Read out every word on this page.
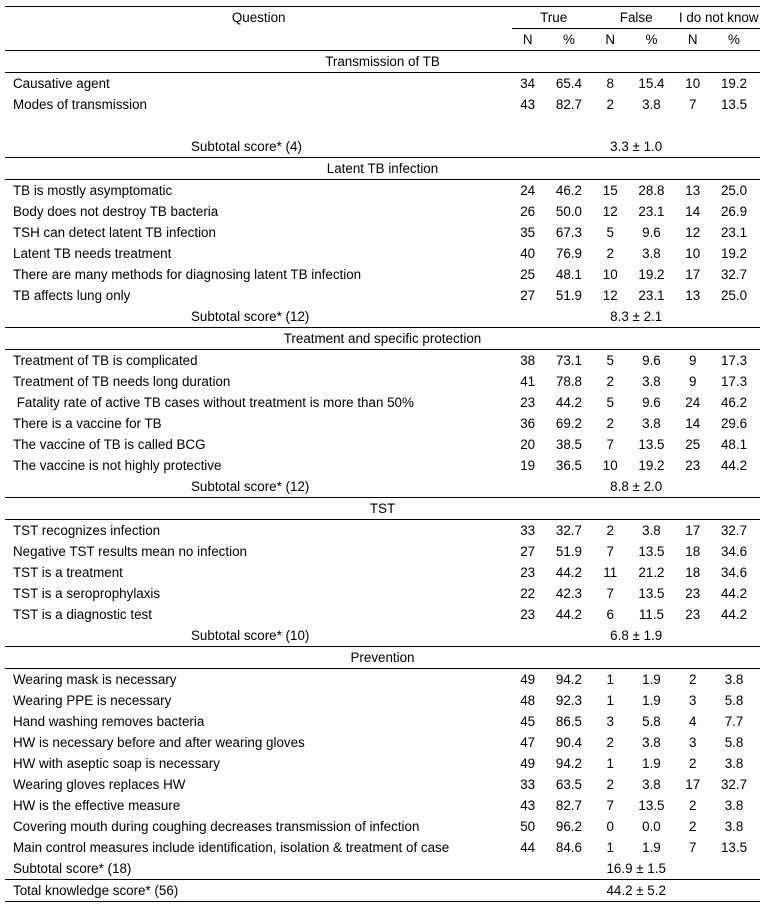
Question	True		False		I do not know	
	N	%	N	%	N	%
Transmission of TB						
Causative agent	34	65.4	8	15.4	10	19.2
Modes of transmission	43	82.7	2	3.8	7	13.5

Subtotal score* (4)	3.3 ± 1.0					
Latent TB infection						
TB is mostly asymptomatic	24	46.2	15	28.8	13	25.0
Body does not destroy TB bacteria	26	50.0	12	23.1	14	26.9
TSH can detect latent TB infection	35	67.3	5	9.6	12	23.1
Latent TB needs treatment	40	76.9	2	3.8	10	19.2
There are many methods for diagnosing latent TB infection	25	48.1	10	19.2	17	32.7
TB affects lung only	27	51.9	12	23.1	13	25.0
Subtotal score* (12)	8.3 ± 2.1					
Treatment and specific protection						
Treatment of TB is complicated	38	73.1	5	9.6	9	17.3
Treatment of TB needs long duration	41	78.8	2	3.8	9	17.3
Fatality rate of active TB cases without treatment is more than 50%	23	44.2	5	9.6	24	46.2
There is a vaccine for TB	36	69.2	2	3.8	14	29.6
The vaccine of TB is called BCG	20	38.5	7	13.5	25	48.1
The vaccine is not highly protective	19	36.5	10	19.2	23	44.2
Subtotal score* (12)	8.8 ± 2.0					
TST						
TST recognizes infection	33	32.7	2	3.8	17	32.7
Negative TST results mean no infection	27	51.9	7	13.5	18	34.6
TST is a treatment	23	44.2	11	21.2	18	34.6
TST is a seroprophylaxis	22	42.3	7	13.5	23	44.2
TST is a diagnostic test	23	44.2	6	11.5	23	44.2
Subtotal score* (10)	6.8 ± 1.9					
Prevention						
Wearing mask is necessary	49	94.2	1	1.9	2	3.8
Wearing PPE is necessary	48	92.3	1	1.9	3	5.8
Hand washing removes bacteria	45	86.5	3	5.8	4	7.7
HW is necessary before and after wearing gloves	47	90.4	2	3.8	3	5.8
HW with aseptic soap is necessary	49	94.2	1	1.9	2	3.8
Wearing gloves replaces HW	33	63.5	2	3.8	17	32.7
HW is the effective measure	43	82.7	7	13.5	2	3.8
Covering mouth during coughing decreases transmission of infection	50	96.2	0	0.0	2	3.8
Main control measures include identification, isolation & treatment of case	44	84.6	1	1.9	7	13.5
Subtotal score* (18)	16.9 ± 1.5					
Total knowledge score* (56)	44.2 ± 5.2					
